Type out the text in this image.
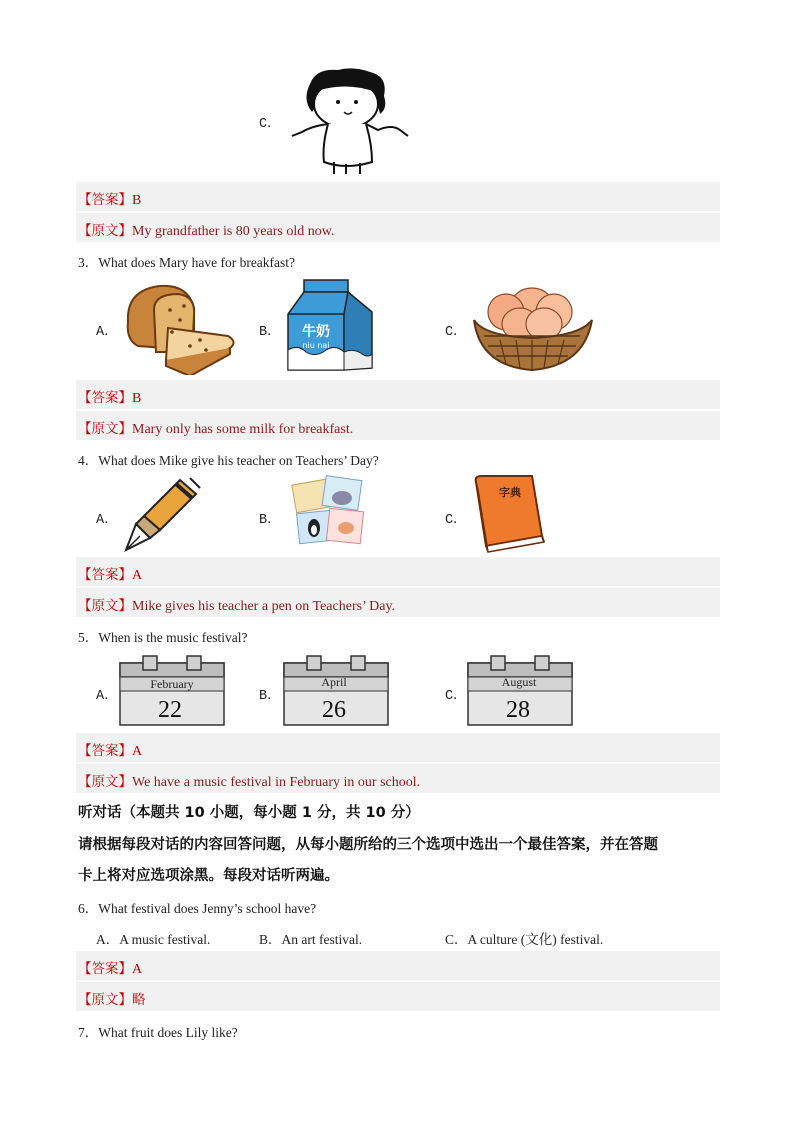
C．
【答案】B
【原文】My grandfather is 80 years old now.
3．What does Mary have for breakfast?
A．	B． 牛奶
niu nai
C．
【答案】B
【原文】Mary only has some milk for breakfast.
4．What does Mike give his teacher on Teachers’ Day?
A．	B．	C．
字典
【答案】A
【原文】Mike gives his teacher a pen on Teachers’ Day.
5．When is the music festival?
A．	B．	C．
February
22
April
26
August
28
【答案】A
【原文】We have a music festival in February in our school.
听对话（本题共 10 小题，每小题 1 分，共 10 分）
请根据每段对话的内容回答问题，从每小题所给的三个选项中选出一个最佳答案，并在答题
卡上将对应选项涂黑。每段对话听两遍。
6．What festival does Jenny’s school have?
A．A music festival.	B．An art festival.	C．A culture (文化) festival.
【答案】A
【原文】略
7．What fruit does Lily like?
